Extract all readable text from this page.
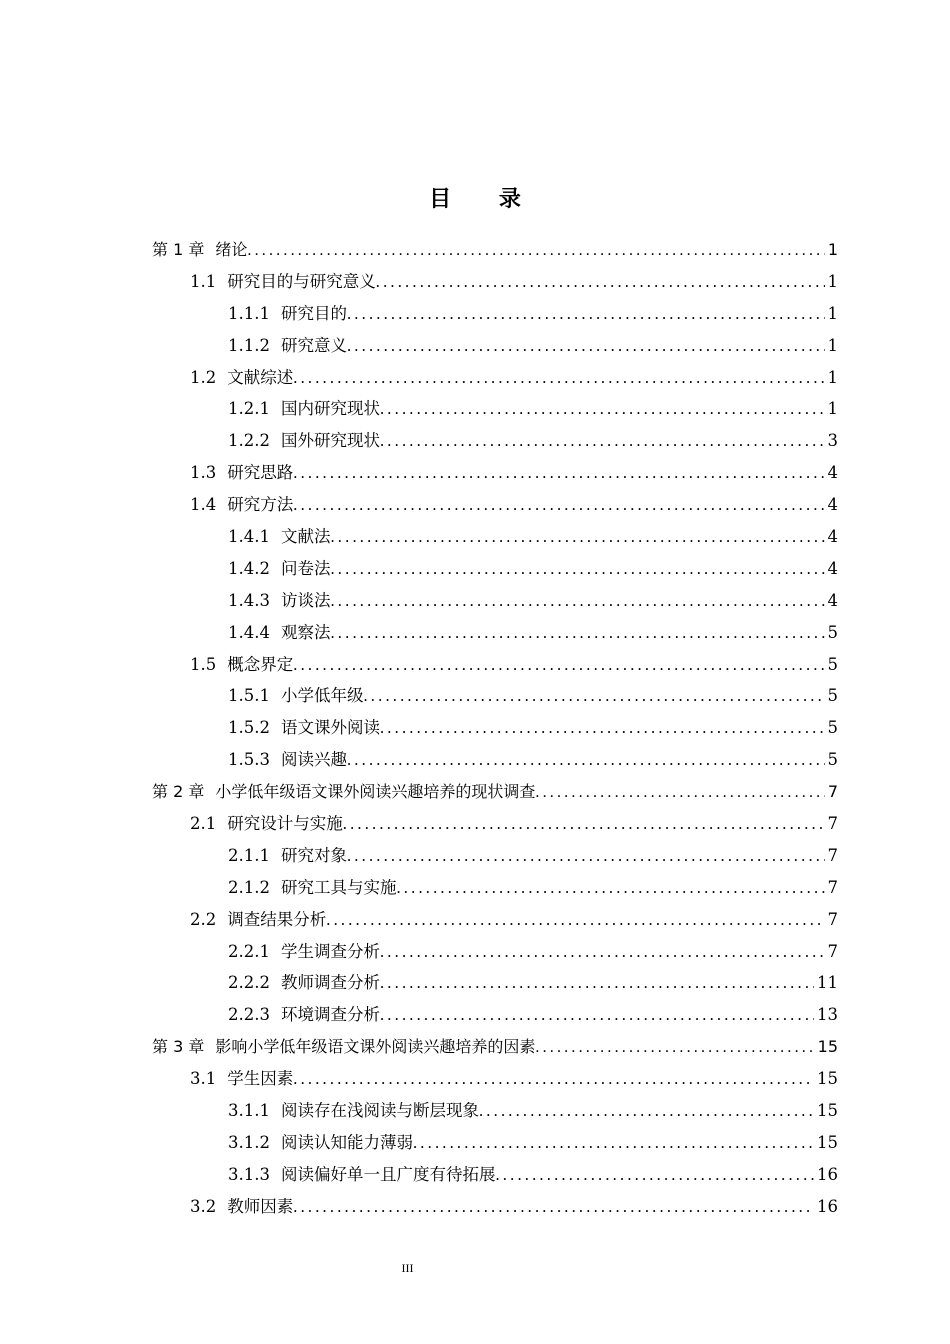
目 录
第 1 章 绪论 .....	1
1.1 研究目的与研究意义 .....	1
1.1.1 研究目的 .....	1
1.1.2 研究意义 .....	1
1.2 文献综述 .....	1
1.2.1 国内研究现状 .....	1
1.2.2 国外研究现状 .....	3
1.3 研究思路 .....	4
1.4 研究方法 .....	4
1.4.1 文献法 .....	4
1.4.2 问卷法 .....	4
1.4.3 访谈法 .....	4
1.4.4 观察法 .....	5
1.5 概念界定 .....	5
1.5.1 小学低年级 .....	5
1.5.2 语文课外阅读 .....	5
1.5.3 阅读兴趣 .....	5
第 2 章 小学低年级语文课外阅读兴趣培养的现状调查 .....	7
2.1 研究设计与实施 .....	7
2.1.1 研究对象 .....	7
2.1.2 研究工具与实施 .....	7
2.2 调查结果分析 .....	7
2.2.1 学生调查分析 .....	7
2.2.2 教师调查分析 .....	11
2.2.3 环境调查分析 .....	13
第 3 章 影响小学低年级语文课外阅读兴趣培养的因素 .....	15
3.1 学生因素 .....	15
3.1.1 阅读存在浅阅读与断层现象 .....	15
3.1.2 阅读认知能力薄弱 .....	15
3.1.3 阅读偏好单一且广度有待拓展 .....	16
3.2 教师因素 .....	16
III
